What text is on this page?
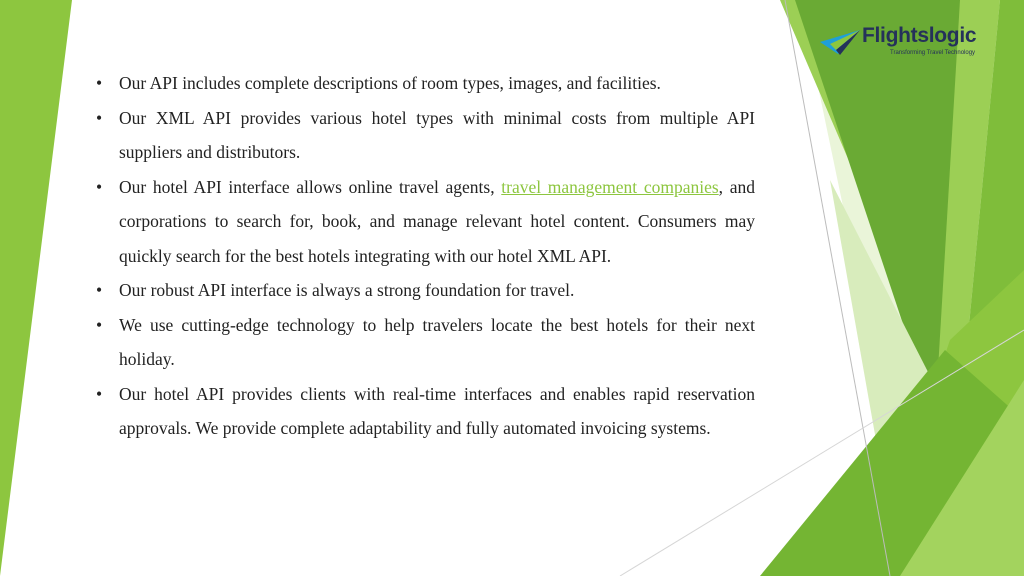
Flightslogic
Transforming Travel Technology
• Our API includes complete descriptions of room types, images, and facilities.
• Our XML API provides various hotel types with minimal costs from multiple API suppliers and distributors.
• Our hotel API interface allows online travel agents, travel management companies, and corporations to search for, book, and manage relevant hotel content. Consumers may quickly search for the best hotels integrating with our hotel XML API.
• Our robust API interface is always a strong foundation for travel.
• We use cutting-edge technology to help travelers locate the best hotels for their next holiday.
• Our hotel API provides clients with real-time interfaces and enables rapid reservation approvals. We provide complete adaptability and fully automated invoicing systems.
